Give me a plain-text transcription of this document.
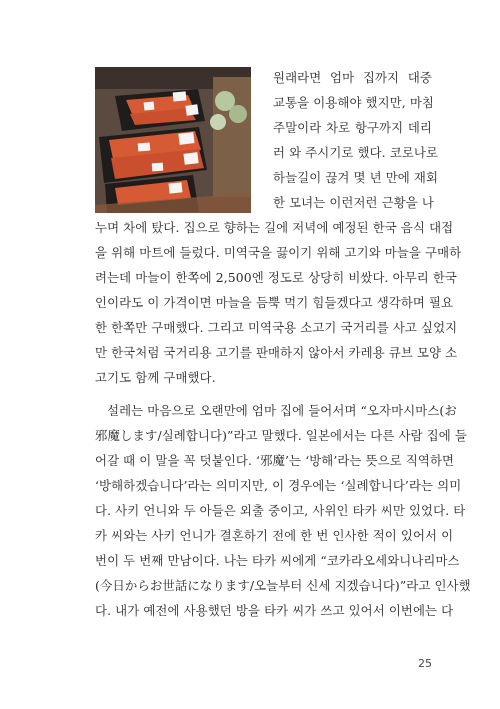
원래라면 엄마 집까지 대중
교통을 이용해야 했지만, 마침
주말이라 차로 항구까지 데리
러 와 주시기로 했다. 코로나로
하늘길이 끊겨 몇 년 만에 재회
한 모녀는 이런저런 근황을 나
누며 차에 탔다. 집으로 향하는 길에 저녁에 예정된 한국 음식 대접
을 위해 마트에 들렀다. 미역국을 끓이기 위해 고기와 마늘을 구매하
려는데 마늘이 한쪽에 2,500엔 정도로 상당히 비쌌다. 아무리 한국
인이라도 이 가격이면 마늘을 듬뿍 먹기 힘들겠다고 생각하며 필요
한 한쪽만 구매했다. 그리고 미역국용 소고기 국거리를 사고 싶었지
만 한국처럼 국거리용 고기를 판매하지 않아서 카레용 큐브 모양 소
고기도 함께 구매했다.
설레는 마음으로 오랜만에 엄마 집에 들어서며 “오자마시마스(お
邪魔します/실례합니다)”라고 말했다. 일본에서는 다른 사람 집에 들
어갈 때 이 말을 꼭 덧붙인다. ‘邪魔’는 ‘방해’라는 뜻으로 직역하면
‘방해하겠습니다’라는 의미지만, 이 경우에는 ‘실례합니다’라는 의미
다. 사키 언니와 두 아들은 외출 중이고, 사위인 타카 씨만 있었다. 타
카 씨와는 사키 언니가 결혼하기 전에 한 번 인사한 적이 있어서 이
번이 두 번째 만남이다. 나는 타카 씨에게 “코카라오세와니나리마스
(今日からお世話になります/오늘부터 신세 지겠습니다)”라고 인사했
다. 내가 예전에 사용했던 방을 타카 씨가 쓰고 있어서 이번에는 다
25
